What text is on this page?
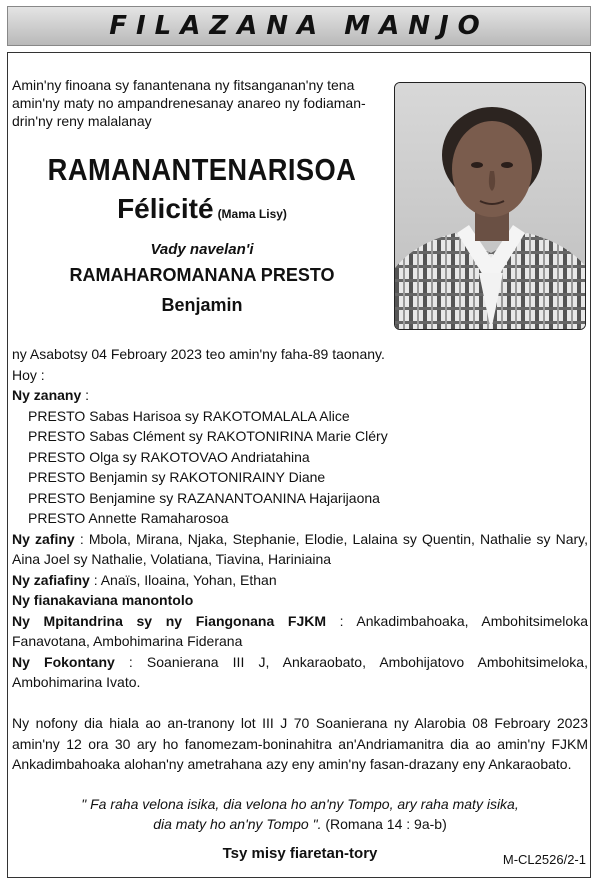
FILAZANA MANJO

Amin'ny finoana sy fanantenana ny fitsanganan'ny tena amin'ny maty no ampandrenesanay anareo ny fodiaman-drin'ny reny malalanay

RAMANANTENARISOA
Félicité (Mama Lisy)
Vady navelan'i
RAMAHAROMANANA PRESTO
Benjamin

ny Asabotsy 04 Febroary 2023 teo amin'ny faha-89 taonany.

Hoy :

Ny zanany :

PRESTO Sabas Harisoa sy RAKOTOMALALA Alice

PRESTO Sabas Clément sy RAKOTONIRINA Marie Cléry

PRESTO Olga sy RAKOTOVAO Andriatahina

PRESTO Benjamin sy RAKOTONIRAINY Diane

PRESTO Benjamine sy RAZANANTOANINA Hajarijaona

PRESTO Annette Ramaharosoa

Ny zafiny : Mbola, Mirana, Njaka, Stephanie, Elodie, Lalaina sy Quentin, Nathalie sy Nary, Aina Joel sy Nathalie, Volatiana, Tiavina, Hariniaina

Ny zafiafiny : Anaïs, Iloaina, Yohan, Ethan

Ny fianakaviana manontolo

Ny Mpitandrina sy ny Fiangonana FJKM : Ankadimbahoaka, Ambohitsimeloka Fanavotana, Ambohimarina Fiderana

Ny Fokontany : Soanierana III J, Ankaraobato, Ambohijatovo Ambohitsimeloka, Ambohimarina Ivato.

Ny nofony dia hiala ao an-tranony lot III J 70 Soanierana ny Alarobia 08 Febroary 2023 amin'ny 12 ora 30 ary ho fanomezam-boninahitra an'Andriamanitra dia ao amin'ny FJKM Ankadimbahoaka alohan'ny ametrahana azy eny amin'ny fasan-drazany eny Ankaraobato.

" Fa raha velona isika, dia velona ho an'ny Tompo, ary raha maty isika,
dia maty ho an'ny Tompo ". (Romana 14 : 9a-b)
Tsy misy fiaretan-tory	M-CL2526/2-1
